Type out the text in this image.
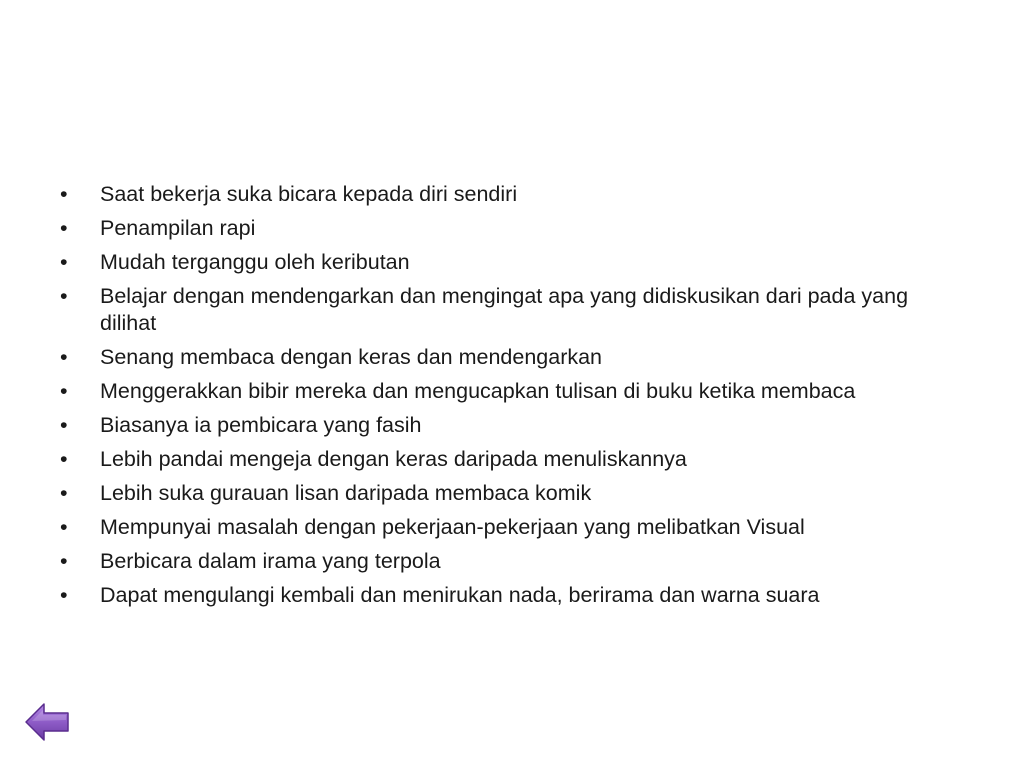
•	Saat bekerja suka bicara kepada diri sendiri
•	Penampilan rapi
•	Mudah terganggu oleh keributan
•	Belajar dengan mendengarkan dan mengingat apa yang didiskusikan dari pada yang dilihat
•	Senang membaca dengan keras dan mendengarkan
•	Menggerakkan bibir mereka dan mengucapkan tulisan di buku ketika membaca
•	Biasanya ia pembicara yang fasih
•	Lebih pandai mengeja dengan keras daripada menuliskannya
•	Lebih suka gurauan lisan daripada membaca komik
•	Mempunyai masalah dengan pekerjaan-pekerjaan yang melibatkan Visual
•	Berbicara dalam irama yang terpola
•	Dapat mengulangi kembali dan menirukan nada, berirama dan warna suara
